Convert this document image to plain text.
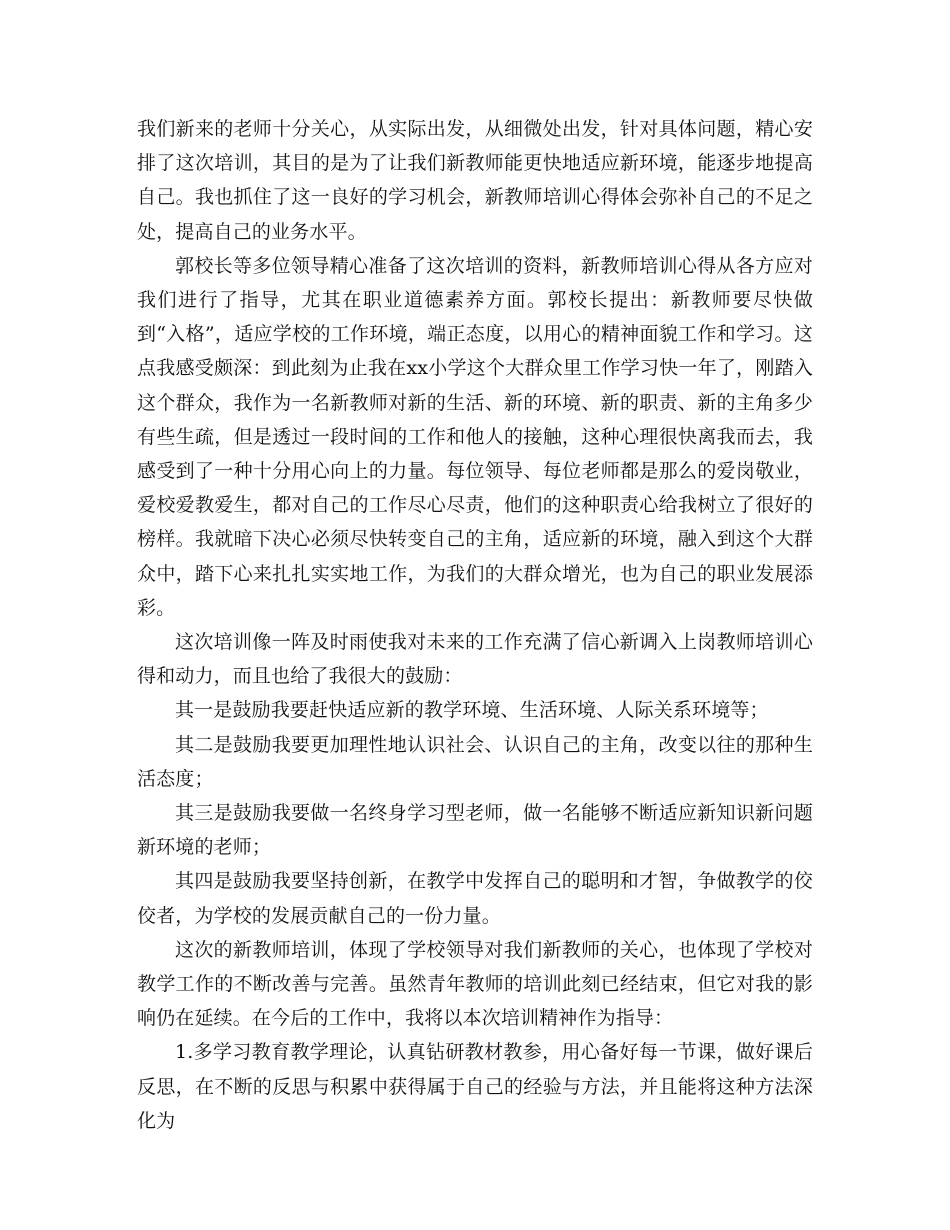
我们新来的老师十分关心，从实际出发，从细微处出发，针对具体问题，精心安排了这次培训，其目的是为了让我们新教师能更快地适应新环境，能逐步地提高自己。我也抓住了这一良好的学习机会，新教师培训心得体会弥补自己的不足之处，提高自己的业务水平。

郭校长等多位领导精心准备了这次培训的资料，新教师培训心得从各方应对我们进行了指导，尤其在职业道德素养方面。郭校长提出：新教师要尽快做到“入格”，适应学校的工作环境，端正态度，以用心的精神面貌工作和学习。这点我感受颇深：到此刻为止我在xx小学这个大群众里工作学习快一年了，刚踏入这个群众，我作为一名新教师对新的生活、新的环境、新的职责、新的主角多少有些生疏，但是透过一段时间的工作和他人的接触，这种心理很快离我而去，我感受到了一种十分用心向上的力量。每位领导、每位老师都是那么的爱岗敬业，爱校爱教爱生，都对自己的工作尽心尽责，他们的这种职责心给我树立了很好的榜样。我就暗下决心必须尽快转变自己的主角，适应新的环境，融入到这个大群众中，踏下心来扎扎实实地工作，为我们的大群众增光，也为自己的职业发展添彩。

这次培训像一阵及时雨使我对未来的工作充满了信心新调入上岗教师培训心得和动力，而且也给了我很大的鼓励：

其一是鼓励我要赶快适应新的教学环境、生活环境、人际关系环境等；

其二是鼓励我要更加理性地认识社会、认识自己的主角，改变以往的那种生活态度；

其三是鼓励我要做一名终身学习型老师，做一名能够不断适应新知识新问题新环境的老师；

其四是鼓励我要坚持创新，在教学中发挥自己的聪明和才智，争做教学的佼佼者，为学校的发展贡献自己的一份力量。

这次的新教师培训，体现了学校领导对我们新教师的关心，也体现了学校对教学工作的不断改善与完善。虽然青年教师的培训此刻已经结束，但它对我的影响仍在延续。在今后的工作中，我将以本次培训精神作为指导：

1.多学习教育教学理论，认真钻研教材教参，用心备好每一节课，做好课后反思，在不断的反思与积累中获得属于自己的经验与方法，并且能将这种方法深化为
